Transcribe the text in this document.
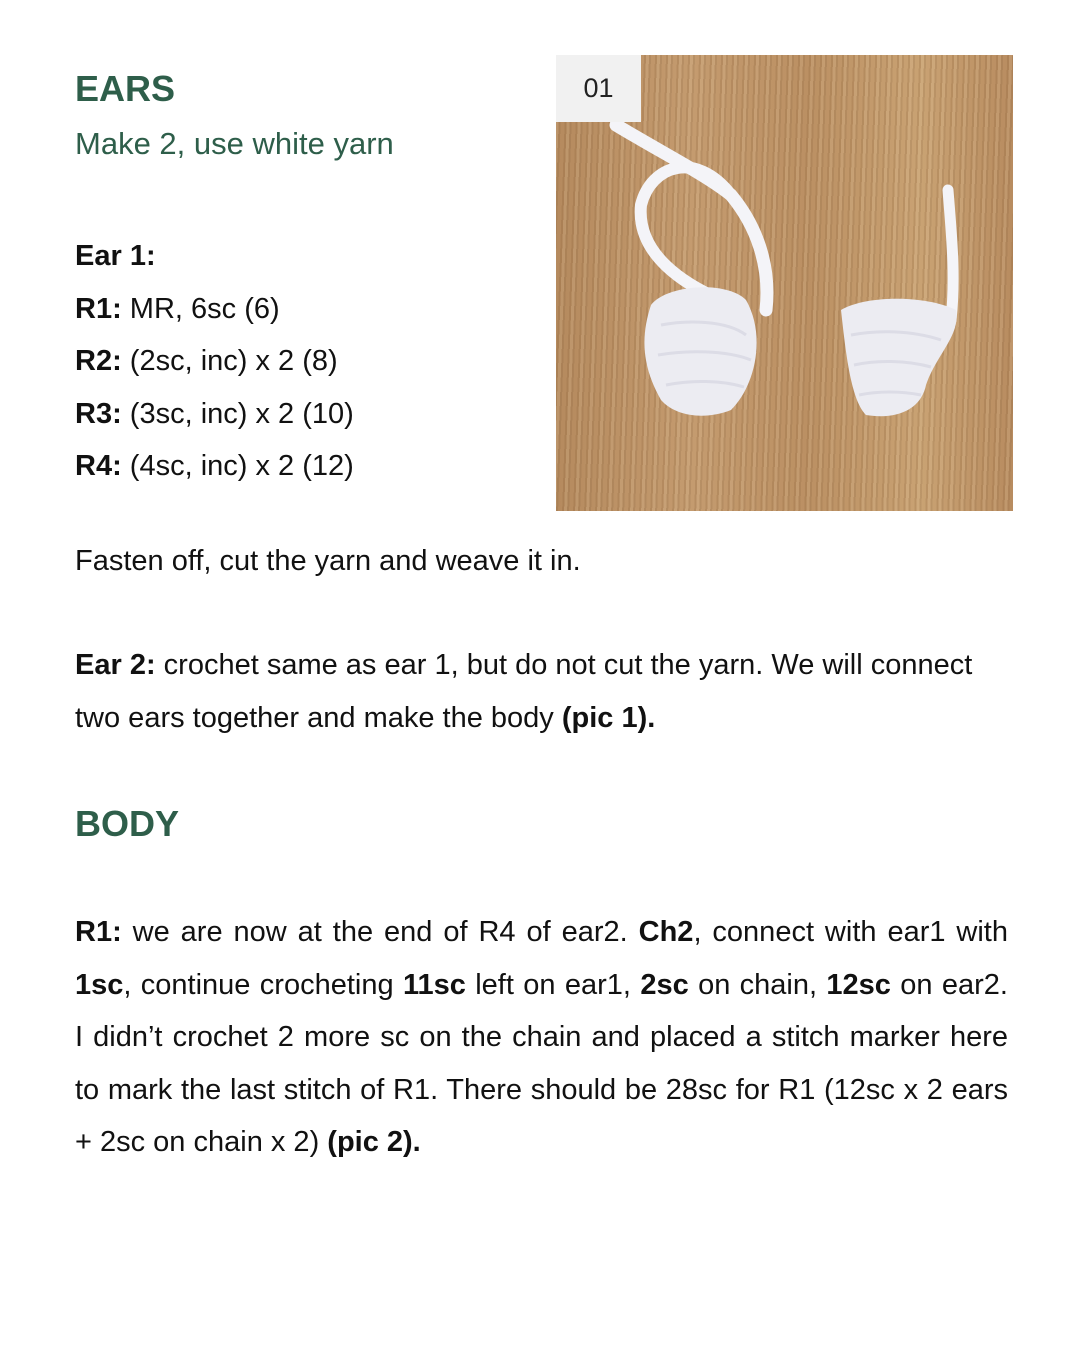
EARS

Make 2, use white yarn

Ear 1:
R1: MR, 6sc (6)
R2: (2sc, inc) x 2 (8)
R3: (3sc, inc) x 2 (10)
R4: (4sc, inc) x 2 (12)
01

Fasten off, cut the yarn and weave it in.

Ear 2: crochet same as ear 1, but do not cut the yarn. We will connect two ears together and make the body (pic 1).

BODY

R1: we are now at the end of R4 of ear2. Ch2, connect with ear1 with 1sc, continue crocheting 11sc left on ear1, 2sc on chain, 12sc on ear2. I didn’t crochet 2 more sc on the chain and placed a stitch marker here to mark the last stitch of R1. There should be 28sc for R1 (12sc x 2 ears + 2sc on chain x 2) (pic 2).
